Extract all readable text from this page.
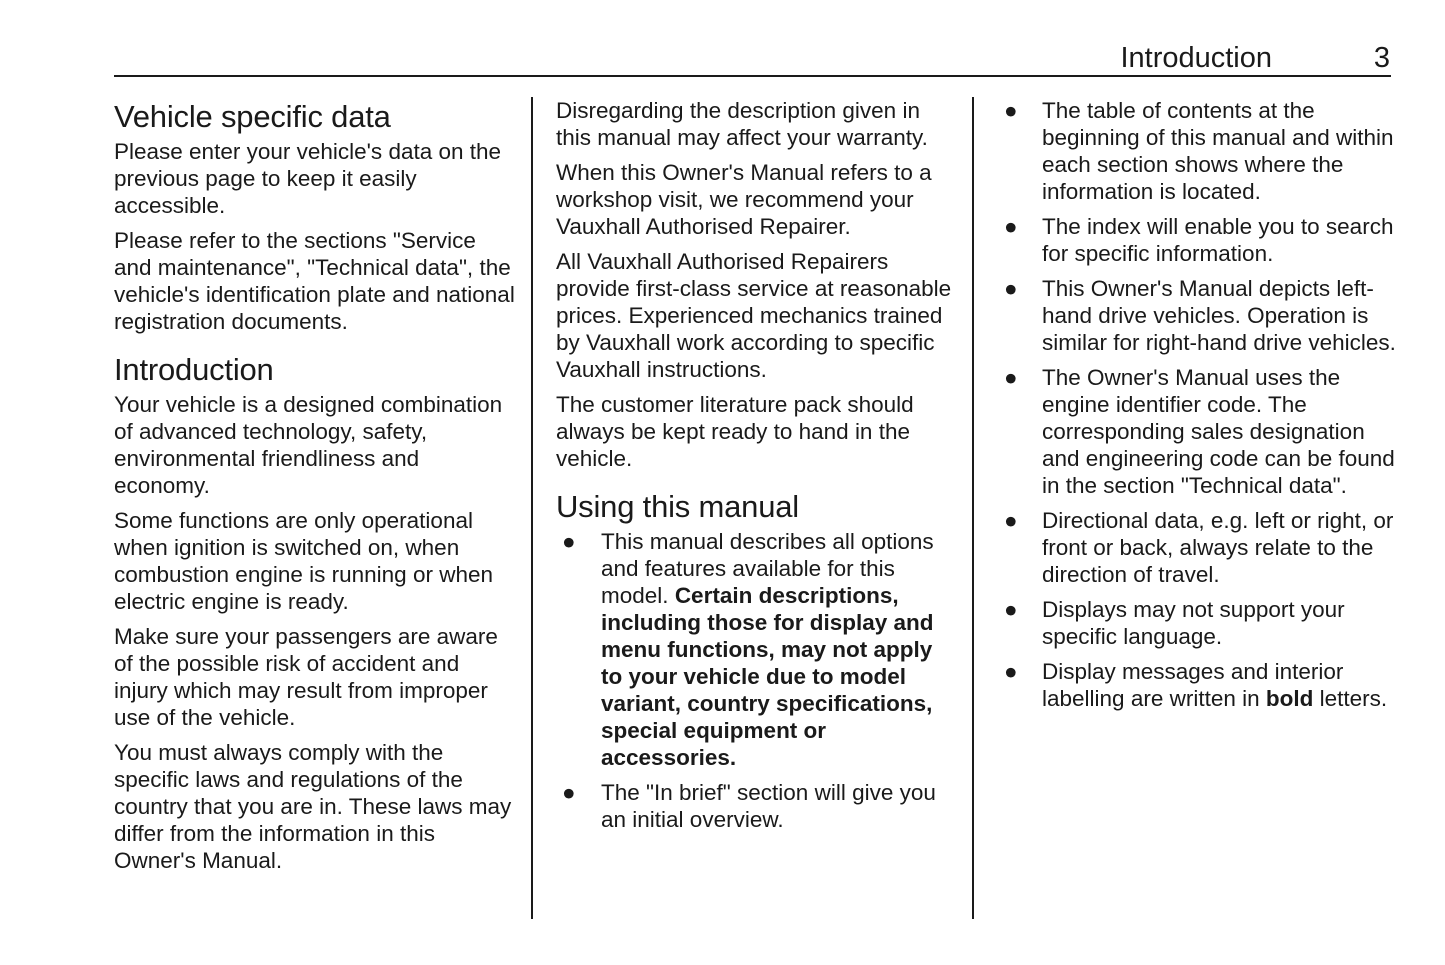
Introduction	3
Vehicle specific data

Please enter your vehicle's data on the previous page to keep it easily accessible.

Please refer to the sections "Service and maintenance", "Technical data", the vehicle's identification plate and national registration documents.

Introduction

Your vehicle is a designed combination of advanced technology, safety, environmental friendliness and economy.

Some functions are only operational when ignition is switched on, when combustion engine is running or when electric engine is ready.

Make sure your passengers are aware of the possible risk of accident and injury which may result from improper use of the vehicle.

You must always comply with the specific laws and regulations of the country that you are in. These laws may differ from the information in this Owner's Manual.

Disregarding the description given in this manual may affect your warranty.

When this Owner's Manual refers to a workshop visit, we recommend your Vauxhall Authorised Repairer.

All Vauxhall Authorised Repairers provide first-class service at reasonable prices. Experienced mechanics trained by Vauxhall work according to specific Vauxhall instructions.

The customer literature pack should always be kept ready to hand in the vehicle.

Using this manual
● This manual describes all options and features available for this model. Certain descriptions, including those for display and menu functions, may not apply to your vehicle due to model variant, country specifications, special equipment or accessories.
● The "In brief" section will give you an initial overview.
● The table of contents at the beginning of this manual and within each section shows where the information is located.
● The index will enable you to search for specific information.
● This Owner's Manual depicts left-hand drive vehicles. Operation is similar for right-hand drive vehicles.
● The Owner's Manual uses the engine identifier code. The corresponding sales designation and engineering code can be found in the section "Technical data".
● Directional data, e.g. left or right, or front or back, always relate to the direction of travel.
● Displays may not support your specific language.
● Display messages and interior labelling are written in bold letters.
